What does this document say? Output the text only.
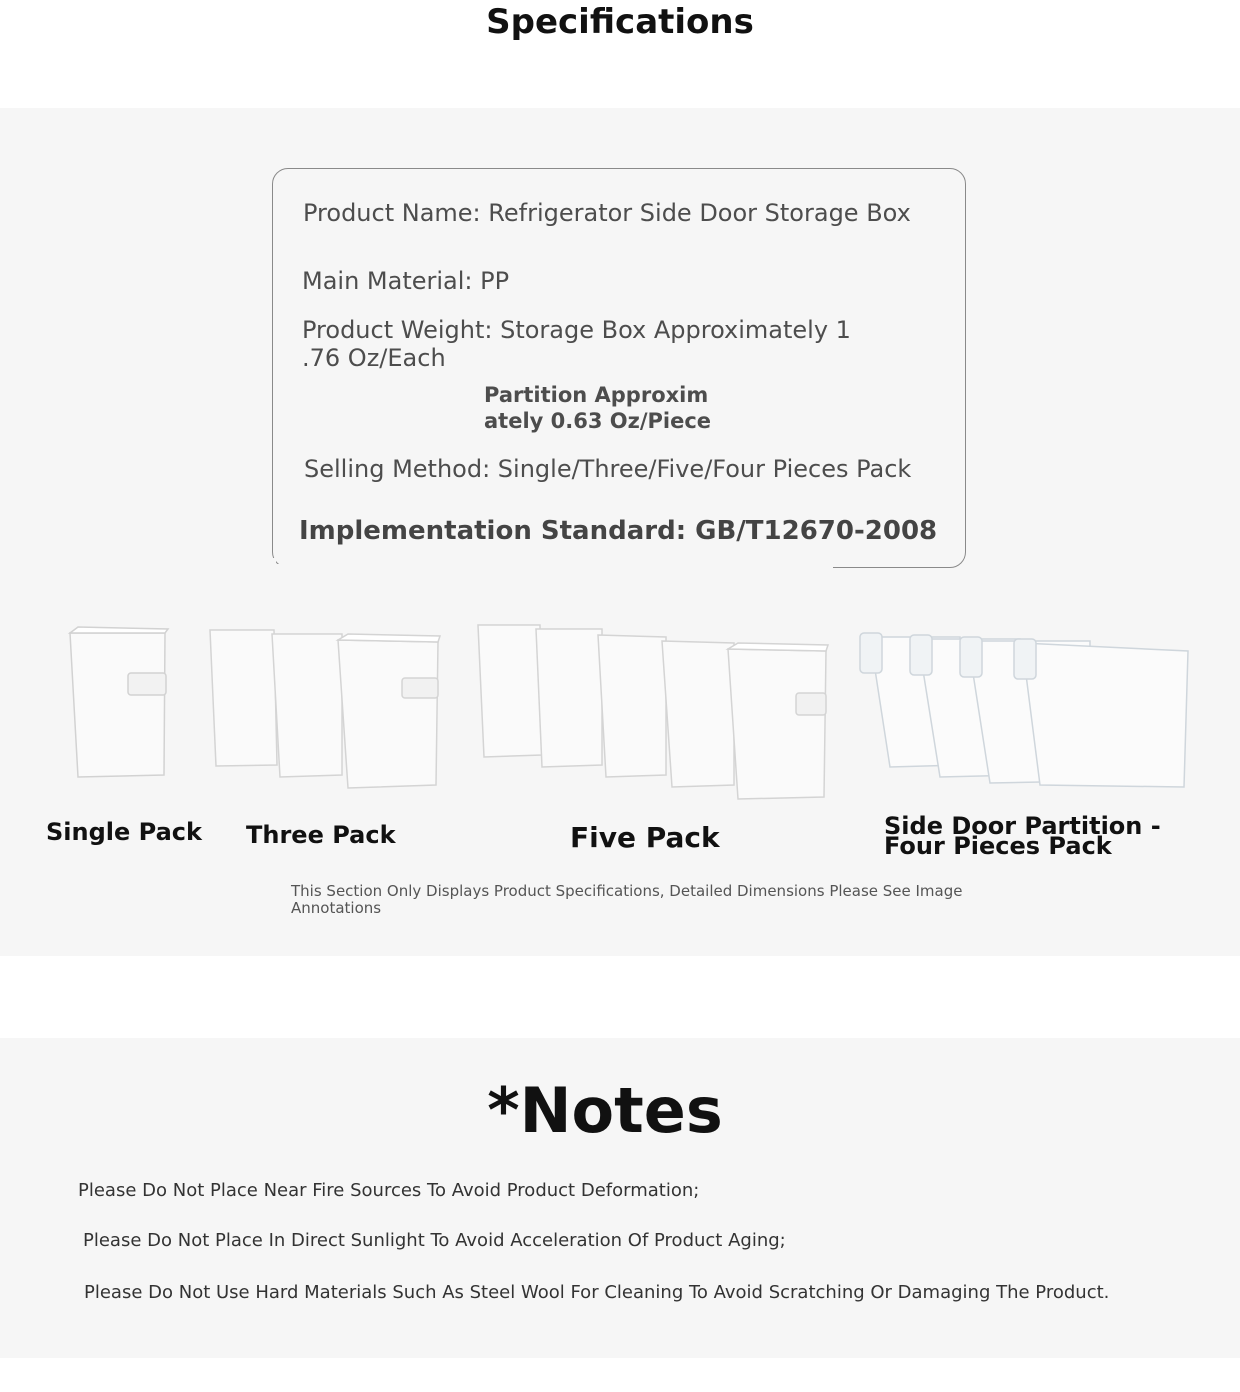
Specifications
Product Name: Refrigerator Side Door Storage Box
Main Material: PP
Product Weight: Storage Box Approximately 1
.76 Oz/Each
Partition Approxim
ately 0.63 Oz/Piece
Selling Method: Single/Three/Five/Four Pieces Pack
Implementation Standard: GB/T12670-2008
Single Pack Three Pack	Five Pack	Side Door Partition - Four Pieces Pack
This Section Only Displays Product Specifications, Detailed Dimensions Please See Image Annotations
*Notes
Please Do Not Place Near Fire Sources To Avoid Product Deformation;
Please Do Not Place In Direct Sunlight To Avoid Acceleration Of Product Aging;
Please Do Not Use Hard Materials Such As Steel Wool For Cleaning To Avoid Scratching Or Damaging The Product.
